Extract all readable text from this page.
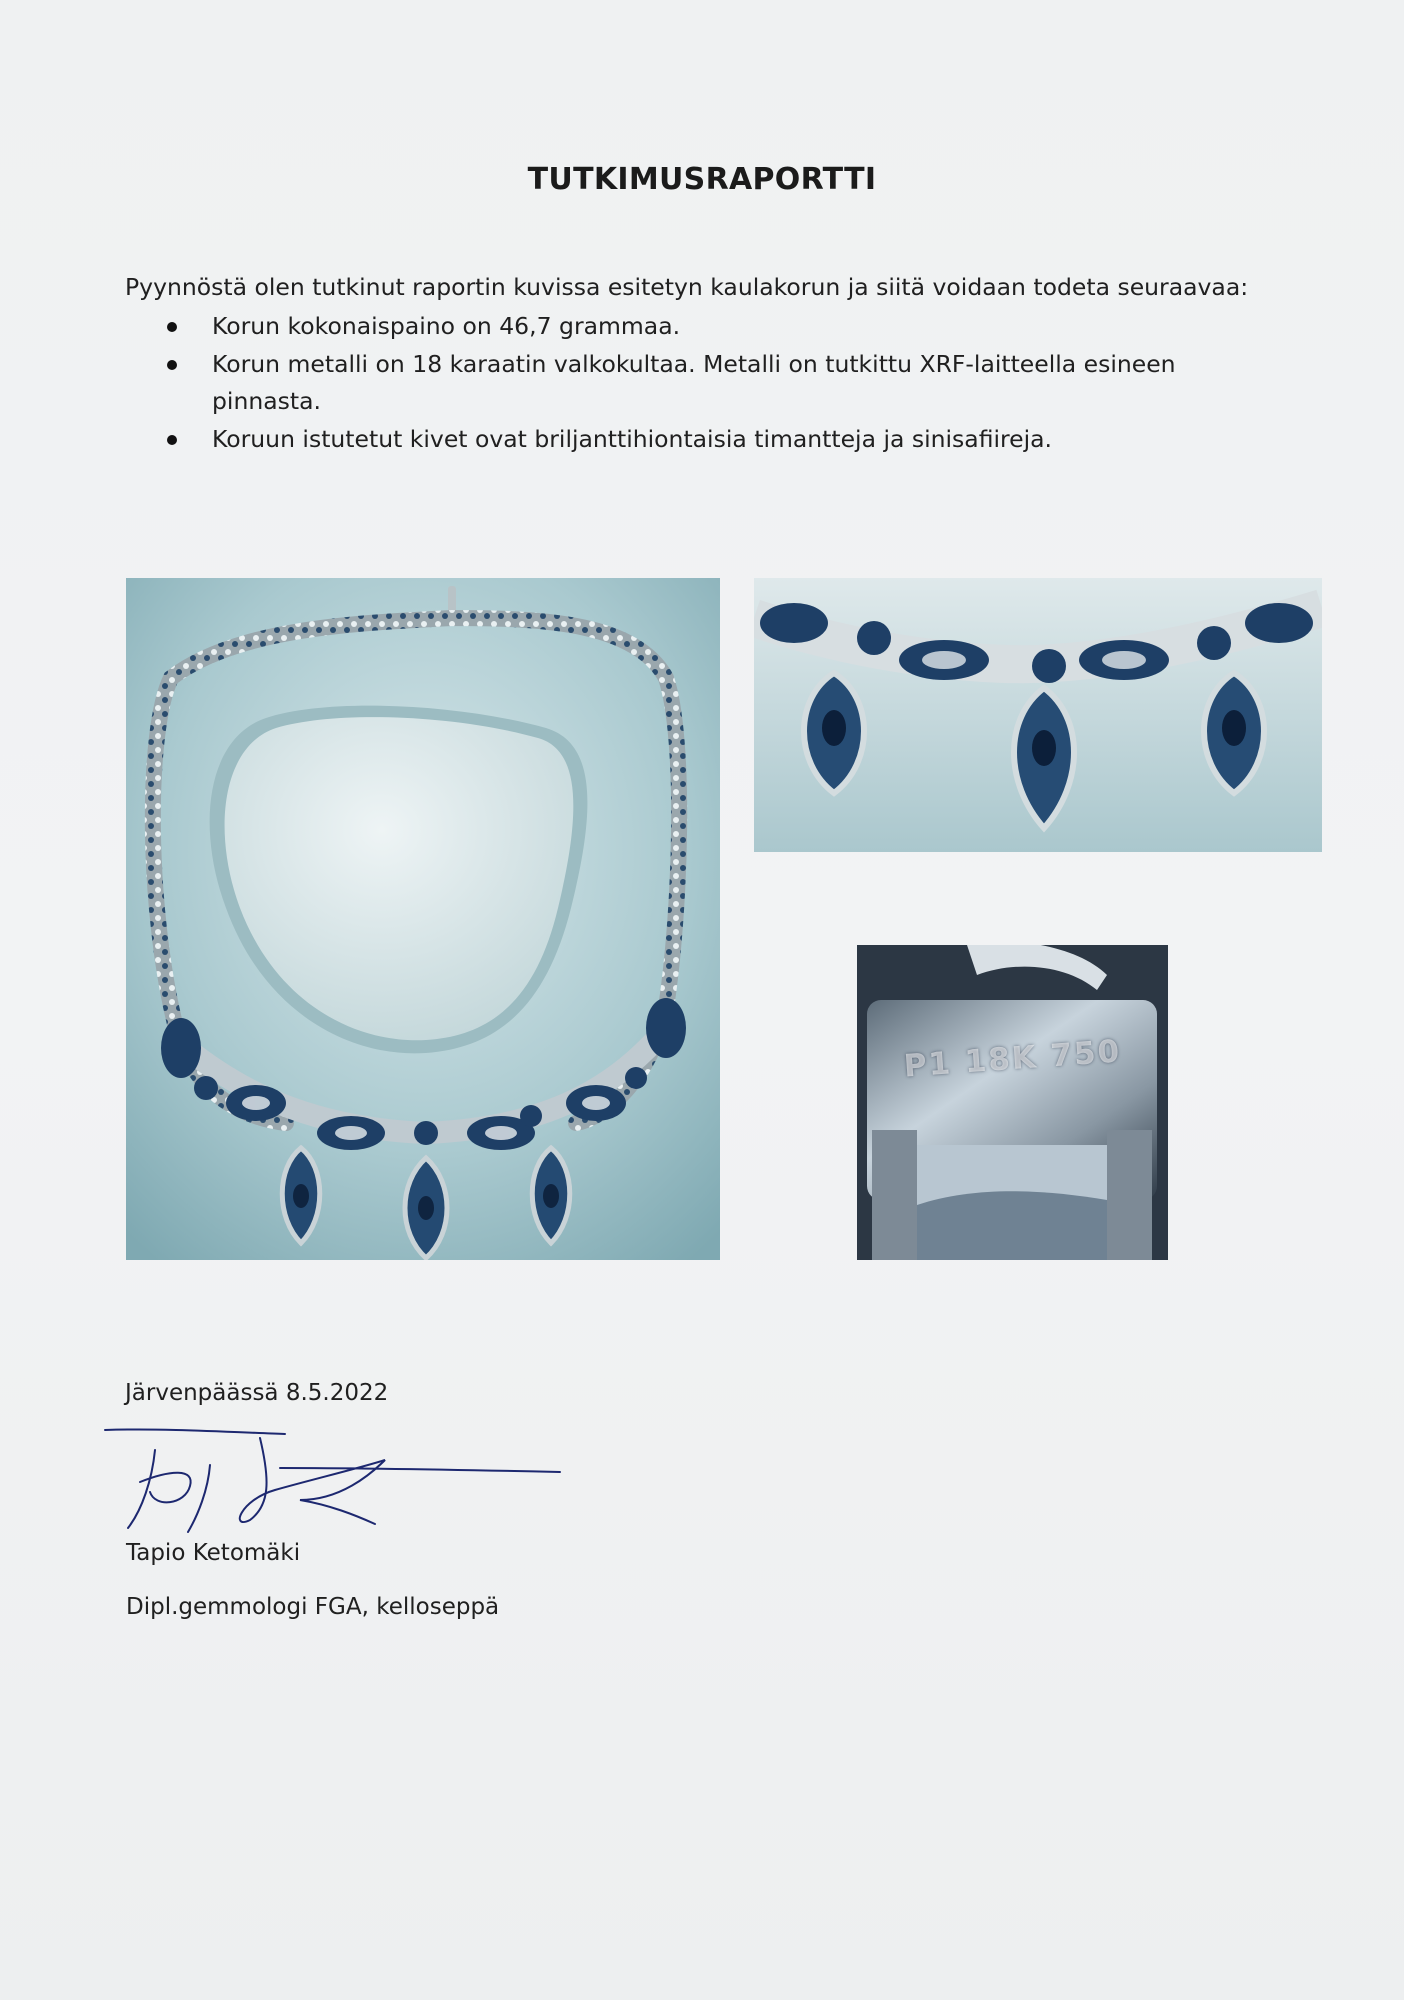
TUTKIMUSRAPORTTI
Pyynnöstä olen tutkinut raportin kuvissa esitetyn kaulakorun ja siitä voidaan todeta seuraavaa:
Korun kokonaispaino on 46,7 grammaa.
Korun metalli on 18 karaatin valkokultaa. Metalli on tutkittu XRF-laitteella esineen pinnasta.
Koruun istutetut kivet ovat briljanttihiontaisia timantteja ja sinisafiireja.
P1 18K 750
Järvenpäässä 8.5.2022
Tapio Ketomäki
Dipl.gemmologi FGA, kelloseppä
